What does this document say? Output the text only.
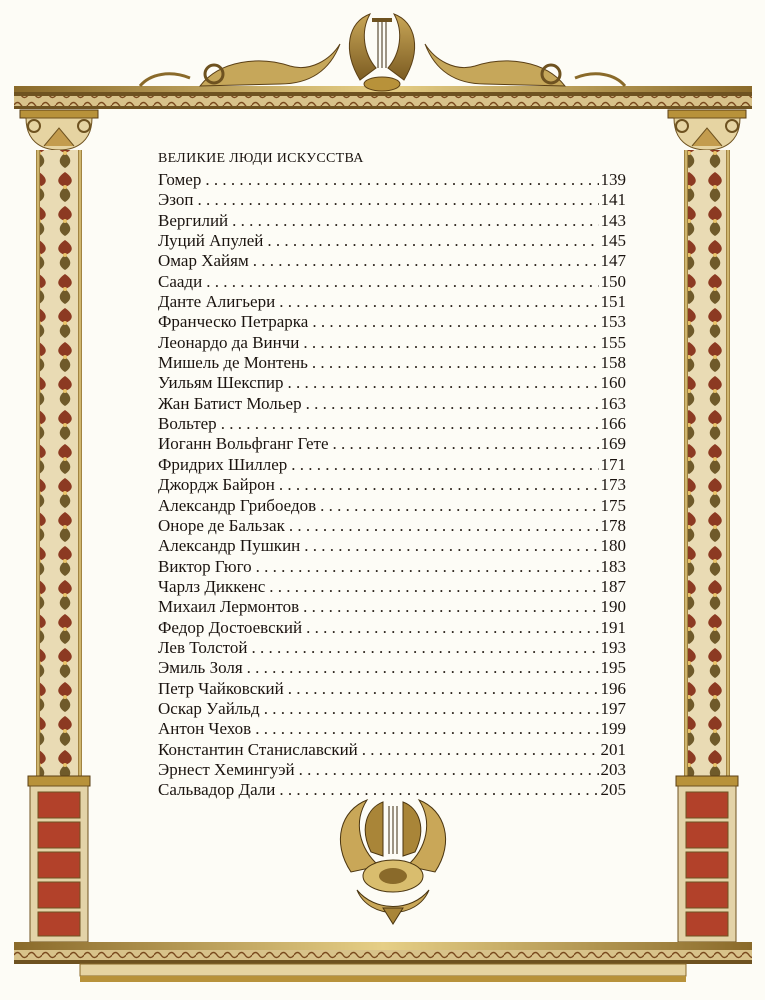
ВЕЛИКИЕ ЛЮДИ ИСКУССТВА
Гомер . . .	139
Эзоп . . .	141
Вергилий . . .	143
Луций Апулей . . .	145
Омар Хайям . . .	147
Саади . . .	150
Данте Алигьери . . .	151
Франческо Петрарка . . .	153
Леонардо да Винчи . . .	155
Мишель де Монтень . . .	158
Уильям Шекспир . . .	160
Жан Батист Мольер . . .	163
Вольтер . . .	166
Иоганн Вольфганг Гете . . .	169
Фридрих Шиллер . . .	171
Джордж Байрон . . .	173
Александр Грибоедов . . .	175
Оноре де Бальзак . . .	178
Александр Пушкин . . .	180
Виктор Гюго . . .	183
Чарлз Диккенс . . .	187
Михаил Лермонтов . . .	190
Федор Достоевский . . .	191
Лев Толстой . . .	193
Эмиль Золя . . .	195
Петр Чайковский . . .	196
Оскар Уайльд . . .	197
Антон Чехов . . .	199
Константин Станиславский . . .	201
Эрнест Хемингуэй . . .	203
Сальвадор Дали . . .	205
